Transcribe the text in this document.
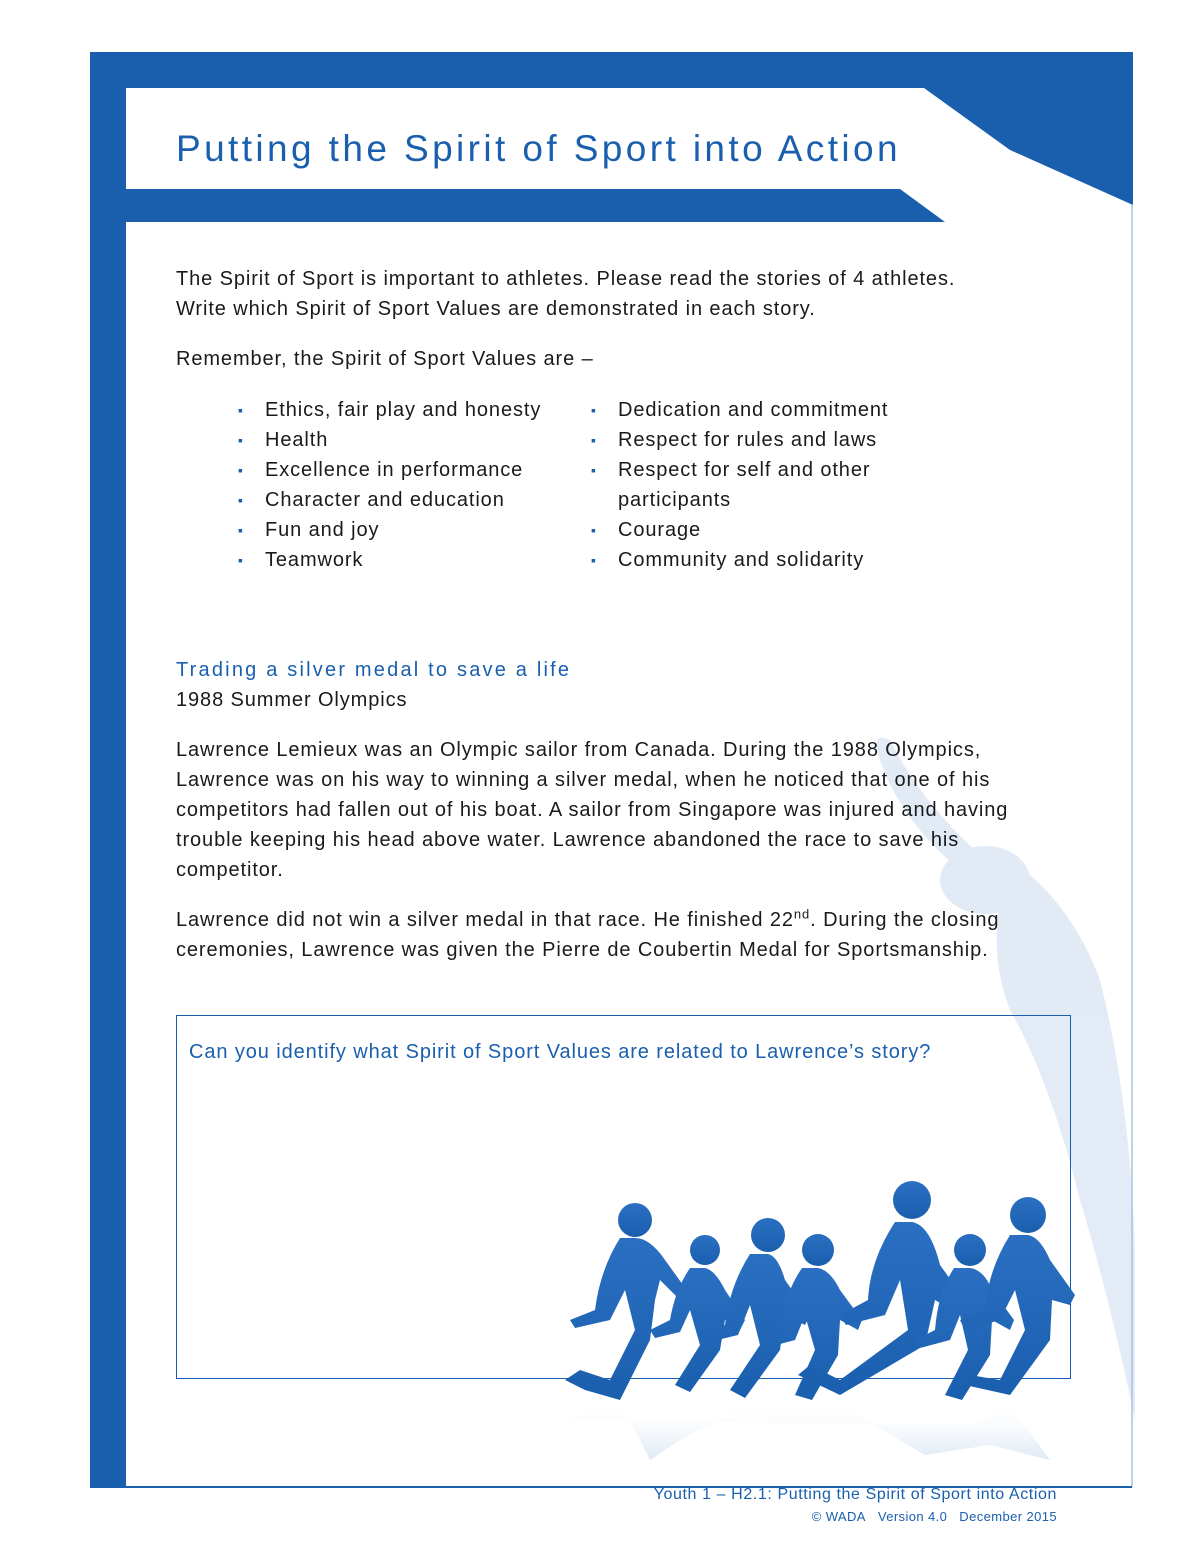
Putting the Spirit of Sport into Action

The Spirit of Sport is important to athletes. Please read the stories of 4 athletes.

Write which Spirit of Sport Values are demonstrated in each story.

Remember, the Spirit of Sport Values are –
▪ Ethics, fair play and honesty
▪ Health
▪ Excellence in performance
▪ Character and education
▪ Fun and joy
▪ Teamwork
▪ Dedication and commitment
▪ Respect for rules and laws
▪ Respect for self and other participants
▪ Courage
▪ Community and solidarity
Trading a silver medal to save a life
1988 Summer Olympics
Lawrence Lemieux was an Olympic sailor from Canada. During the 1988 Olympics, Lawrence was on his way to winning a silver medal, when he noticed that one of his competitors had fallen out of his boat. A sailor from Singapore was injured and having trouble keeping his head above water. Lawrence abandoned the race to save his competitor.
Lawrence did not win a silver medal in that race. He finished 22nd. During the closing ceremonies, Lawrence was given the Pierre de Coubertin Medal for Sportsmanship.
Can you identify what Spirit of Sport Values are related to Lawrence’s story?
Youth 1 – H2.1: Putting the Spirit of Sport into Action
© WADA Version 4.0 December 2015
